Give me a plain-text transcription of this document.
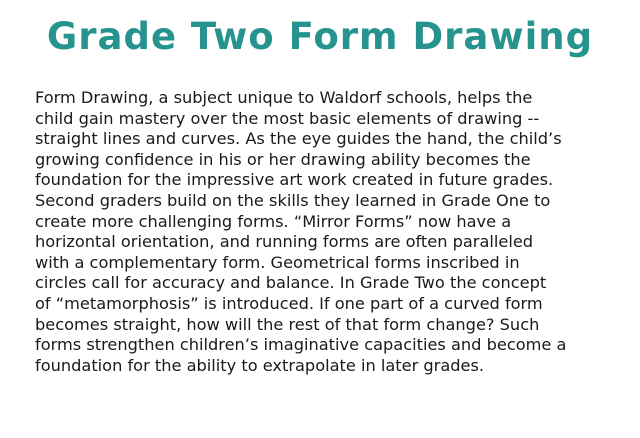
Grade Two Form Drawing
Form Drawing, a subject unique to Waldorf schools, helps the
child gain mastery over the most basic elements of drawing --
straight lines and curves. As the eye guides the hand, the child’s
growing confidence in his or her drawing ability becomes the
foundation for the impressive art work created in future grades.
Second graders build on the skills they learned in Grade One to
create more challenging forms. “Mirror Forms” now have a
horizontal orientation, and running forms are often paralleled
with a complementary form. Geometrical forms inscribed in
circles call for accuracy and balance. In Grade Two the concept
of “metamorphosis” is introduced. If one part of a curved form
becomes straight, how will the rest of that form change? Such
forms strengthen children’s imaginative capacities and become a
foundation for the ability to extrapolate in later grades.
